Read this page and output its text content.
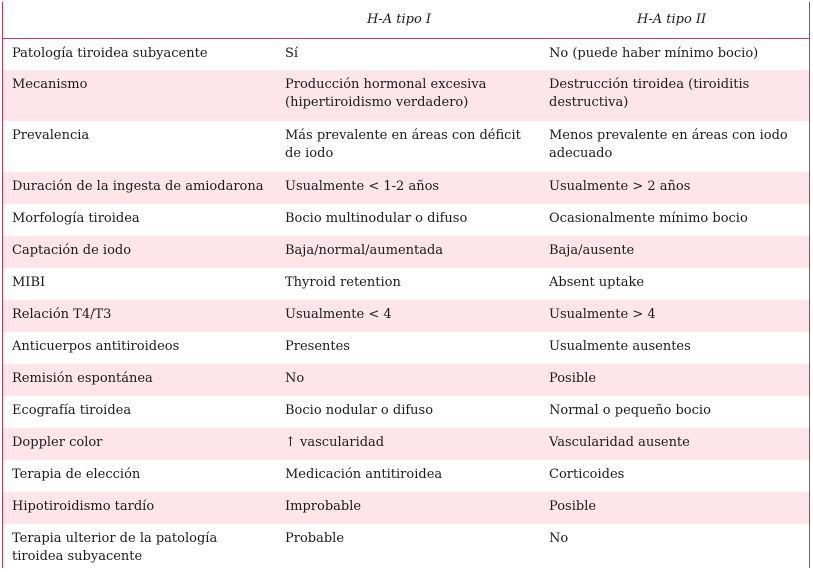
	H-A tipo I	H-A tipo II
Patología tiroidea subyacente	Sí	No (puede haber mínimo bocio)
Mecanismo	Producción hormonal excesiva (hipertiroidismo verdadero)	Destrucción tiroidea (tiroiditis destructiva)
Prevalencia	Más prevalente en áreas con déficit de iodo	Menos prevalente en áreas con iodo adecuado
Duración de la ingesta de amiodarona	Usualmente < 1-2 años	Usualmente > 2 años
Morfología tiroidea	Bocio multinodular o difuso	Ocasionalmente mínimo bocio
Captación de iodo	Baja/normal/aumentada	Baja/ausente
MIBI	Thyroid retention	Absent uptake
Relación T4/T3	Usualmente < 4	Usualmente > 4
Anticuerpos antitiroideos	Presentes	Usualmente ausentes
Remisión espontánea	No	Posible
Ecografía tiroidea	Bocio nodular o difuso	Normal o pequeño bocio
Doppler color	↑ vascularidad	Vascularidad ausente
Terapia de elección	Medicación antitiroidea	Corticoides
Hipotiroidismo tardío	Improbable	Posible
Terapia ulterior de la patología tiroidea subyacente	Probable	No
